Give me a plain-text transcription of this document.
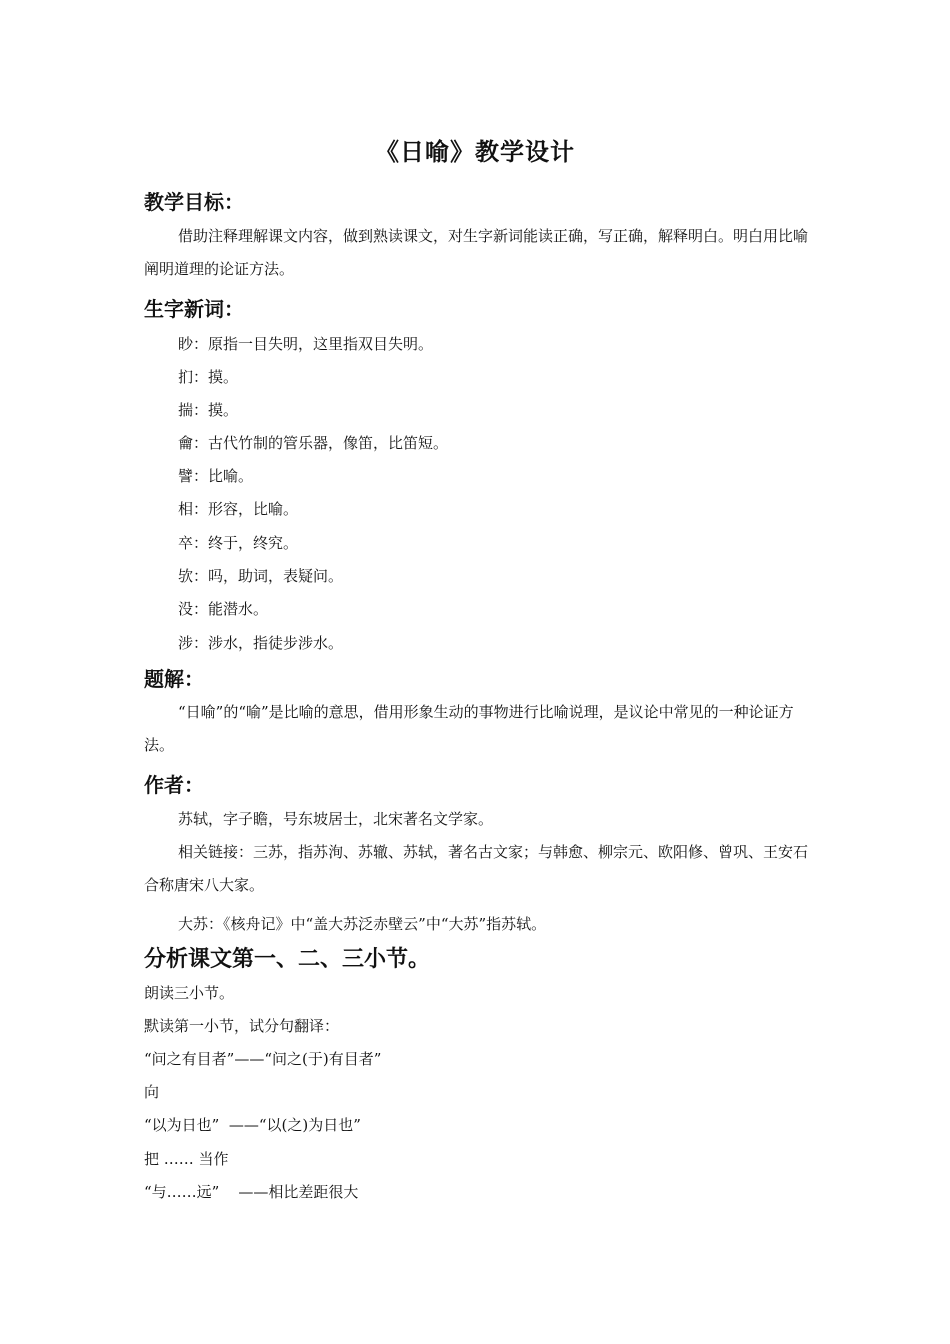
《日喻》教学设计
教学目标：
借助注释理解课文内容，做到熟读课文，对生字新词能读正确，写正确，解释明白。明白用比喻阐明道理的论证方法。
生字新词：
眇：原指一目失明，这里指双目失明。
扪：摸。
揣：摸。
龠：古代竹制的管乐器，像笛，比笛短。
譬：比喻。
相：形容，比喻。
卒：终于，终究。
欤：吗，助词，表疑问。
没：能潜水。
涉：涉水，指徒步涉水。
题解：
“日喻”的“喻”是比喻的意思，借用形象生动的事物进行比喻说理，是议论中常见的一种论证方法。
作者：
苏轼，字子瞻，号东坡居士，北宋著名文学家。
相关链接：三苏，指苏洵、苏辙、苏轼，著名古文家；与韩愈、柳宗元、欧阳修、曾巩、王安石合称唐宋八大家。
大苏：《核舟记》中“盖大苏泛赤壁云”中“大苏”指苏轼。
分析课文第一、二、三小节。
朗读三小节。
默读第一小节，试分句翻译：
“问之有目者”——“问之(于)有目者”
向
“以为日也”  ——“以(之)为日也”
把 …… 当作
“与……远”    ——相比差距很大
